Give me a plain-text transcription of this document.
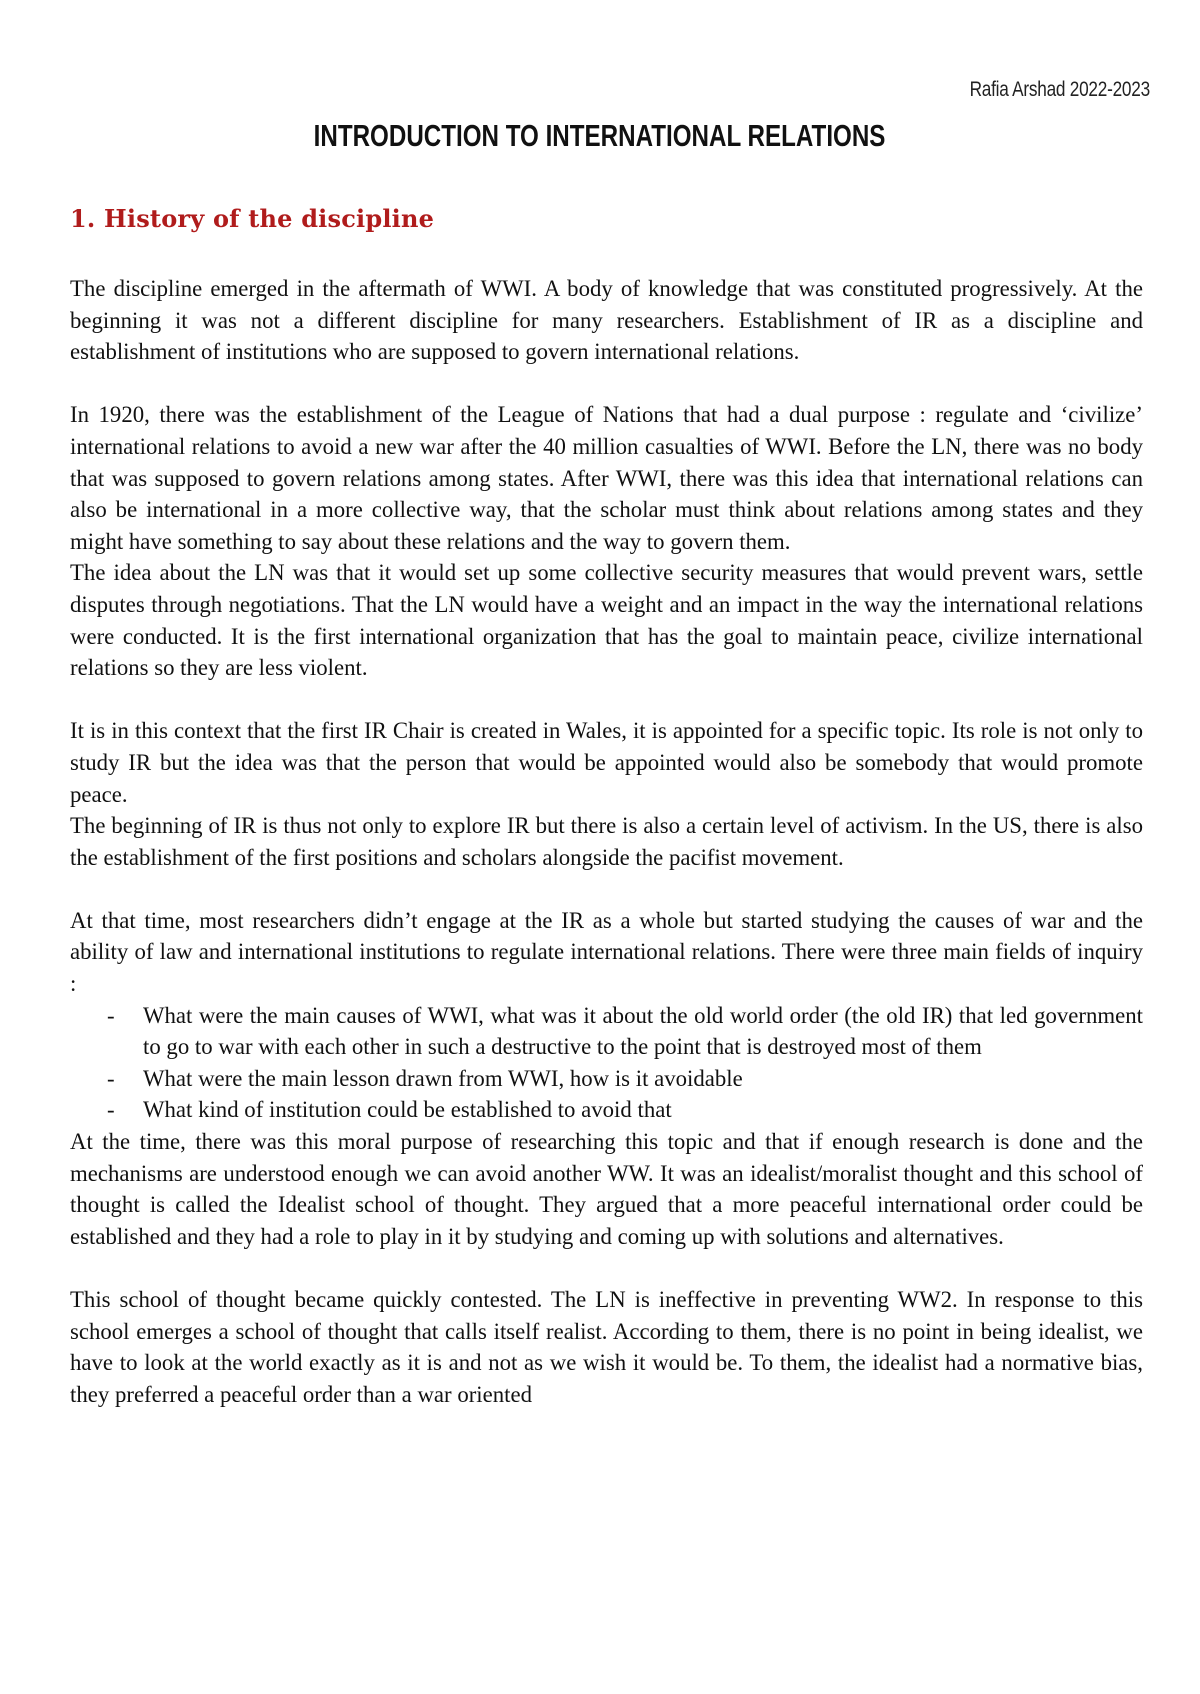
Rafia Arshad 2022-2023
INTRODUCTION TO INTERNATIONAL RELATIONS
1. History of the discipline

The discipline emerged in the aftermath of WWI. A body of knowledge that was constituted progressively. At the beginning it was not a different discipline for many researchers. Establishment of IR as a discipline and establishment of institutions who are supposed to govern international relations.

In 1920, there was the establishment of the League of Nations that had a dual purpose : regulate and ‘civilize’ international relations to avoid a new war after the 40 million casualties of WWI. Before the LN, there was no body that was supposed to govern relations among states. After WWI, there was this idea that international relations can also be international in a more collective way, that the scholar must think about relations among states and they might have something to say about these relations and the way to govern them.

The idea about the LN was that it would set up some collective security measures that would prevent wars, settle disputes through negotiations. That the LN would have a weight and an impact in the way the international relations were conducted. It is the first international organization that has the goal to maintain peace, civilize international relations so they are less violent.

It is in this context that the first IR Chair is created in Wales, it is appointed for a specific topic. Its role is not only to study IR but the idea was that the person that would be appointed would also be somebody that would promote peace.

The beginning of IR is thus not only to explore IR but there is also a certain level of activism. In the US, there is also the establishment of the first positions and scholars alongside the pacifist movement.

At that time, most researchers didn’t engage at the IR as a whole but started studying the causes of war and the ability of law and international institutions to regulate international relations. There were three main fields of inquiry :

- What were the main causes of WWI, what was it about the old world order (the old IR) that led government to go to war with each other in such a destructive to the point that is destroyed most of them
- What were the main lesson drawn from WWI, how is it avoidable
- What kind of institution could be established to avoid that

At the time, there was this moral purpose of researching this topic and that if enough research is done and the mechanisms are understood enough we can avoid another WW. It was an idealist/moralist thought and this school of thought is called the Idealist school of thought. They argued that a more peaceful international order could be established and they had a role to play in it by studying and coming up with solutions and alternatives.

This school of thought became quickly contested. The LN is ineffective in preventing WW2. In response to this school emerges a school of thought that calls itself realist. According to them, there is no point in being idealist, we have to look at the world exactly as it is and not as we wish it would be. To them, the idealist had a normative bias, they preferred a peaceful order than a war oriented
